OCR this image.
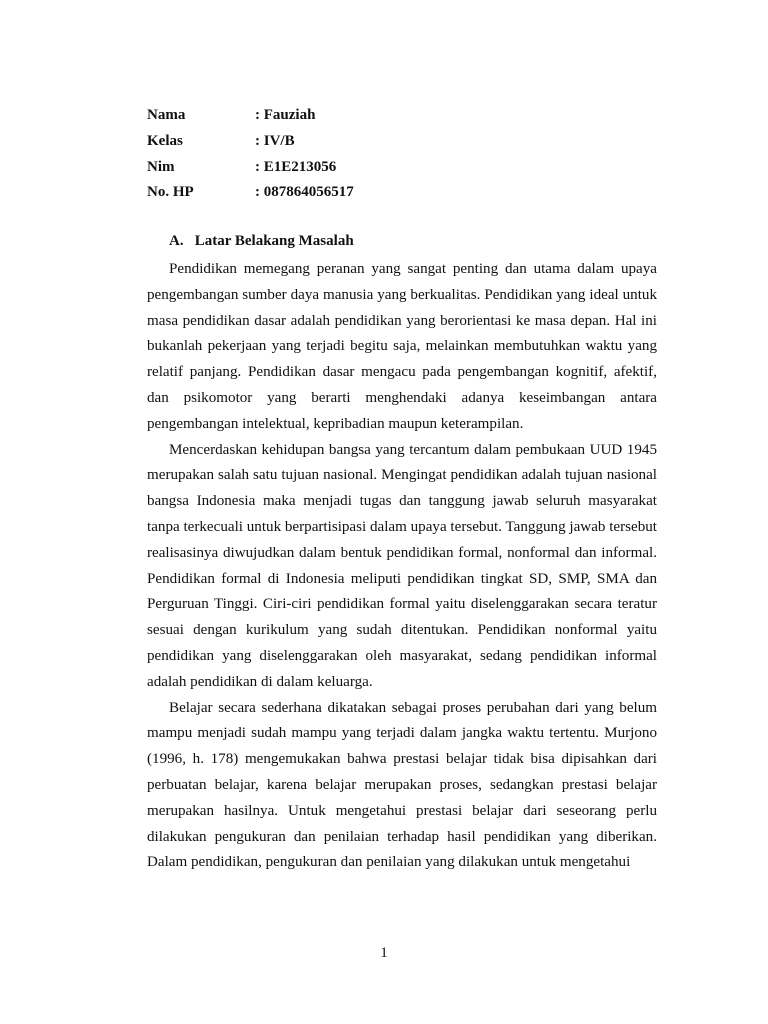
Nama	: Fauziah
Kelas	: IV/B
Nim	: E1E213056
No. HP	: 087864056517
A. Latar Belakang Masalah

Pendidikan memegang peranan yang sangat penting dan utama dalam upaya pengembangan sumber daya manusia yang berkualitas. Pendidikan yang ideal untuk masa pendidikan dasar adalah pendidikan yang berorientasi ke masa depan. Hal ini bukanlah pekerjaan yang terjadi begitu saja, melainkan membutuhkan waktu yang relatif panjang. Pendidikan dasar mengacu pada pengembangan kognitif, afektif, dan psikomotor yang berarti menghendaki adanya keseimbangan antara pengembangan intelektual, kepribadian maupun keterampilan.

Mencerdaskan kehidupan bangsa yang tercantum dalam pembukaan UUD 1945 merupakan salah satu tujuan nasional. Mengingat pendidikan adalah tujuan nasional bangsa Indonesia maka menjadi tugas dan tanggung jawab seluruh masyarakat tanpa terkecuali untuk berpartisipasi dalam upaya tersebut. Tanggung jawab tersebut realisasinya diwujudkan dalam bentuk pendidikan formal, nonformal dan informal. Pendidikan formal di Indonesia meliputi pendidikan tingkat SD, SMP, SMA dan Perguruan Tinggi. Ciri-ciri pendidikan formal yaitu diselenggarakan secara teratur sesuai dengan kurikulum yang sudah ditentukan. Pendidikan nonformal yaitu pendidikan yang diselenggarakan oleh masyarakat, sedang pendidikan informal adalah pendidikan di dalam keluarga.

Belajar secara sederhana dikatakan sebagai proses perubahan dari yang belum mampu menjadi sudah mampu yang terjadi dalam jangka waktu tertentu. Murjono (1996, h. 178) mengemukakan bahwa prestasi belajar tidak bisa dipisahkan dari perbuatan belajar, karena belajar merupakan proses, sedangkan prestasi belajar merupakan hasilnya. Untuk mengetahui prestasi belajar dari seseorang perlu dilakukan pengukuran dan penilaian terhadap hasil pendidikan yang diberikan. Dalam pendidikan, pengukuran dan penilaian yang dilakukan untuk mengetahui

1
